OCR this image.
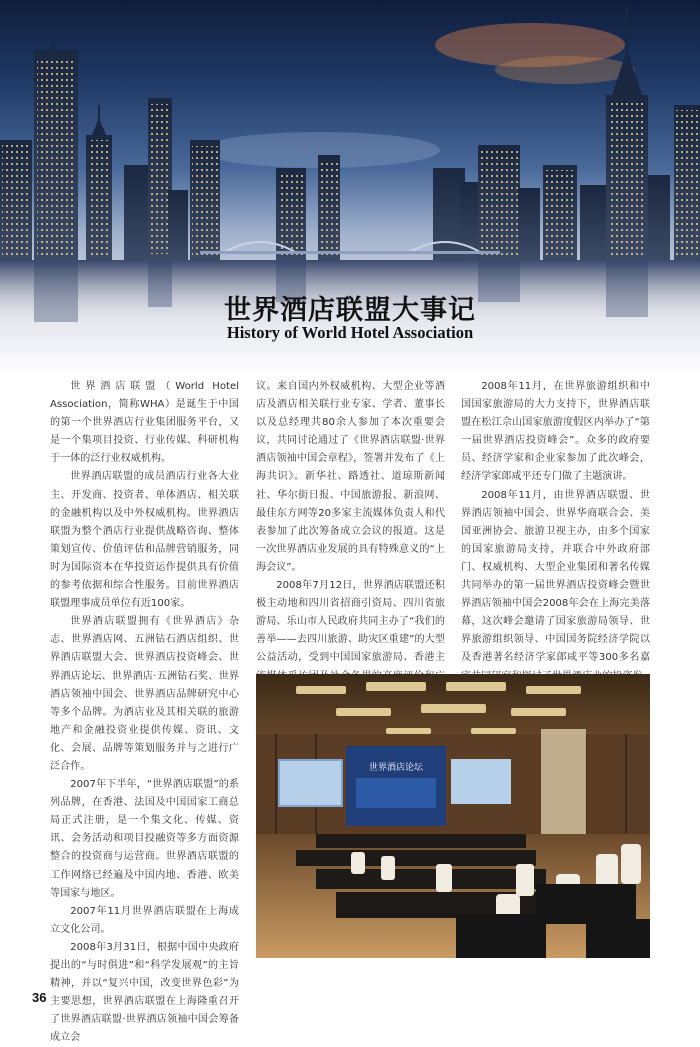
世界酒店联盟大事记
History of World Hotel Association

世界酒店联盟（World Hotel Association，简称WHA）是诞生于中国的第一个世界酒店行业集团服务平台，又是一个集项目投资、行业传媒、科研机构于一体的泛行业权威机构。

世界酒店联盟的成员酒店行业各大业主、开发商、投资者、单体酒店、相关联的金融机构以及中外权威机构。世界酒店联盟为整个酒店行业提供战略咨询、整体策划宣传、价值评估和品牌营销服务，同时为国际资本在华投资运作提供具有价值的参考依据和综合性服务。目前世界酒店联盟理事成员单位有近100家。

世界酒店联盟拥有《世界酒店》杂志、世界酒店网、五洲钻石酒店组织、世界酒店联盟大会、世界酒店投资峰会、世界酒店论坛、世界酒店·五洲钻石奖、世界酒店领袖中国会、世界酒店品牌研究中心等多个品牌。为酒店业及其相关联的旅游地产和金融投资业提供传媒、资讯、文化、会展、品牌等策划服务并与之进行广泛合作。

2007年下半年，“世界酒店联盟”的系列品牌，在香港、法国及中国国家工商总局正式注册，是一个集文化、传媒、资讯、会务活动和项目投融资等多方面资源整合的投资商与运营商。世界酒店联盟的工作网络已经遍及中国内地、香港、欧美等国家与地区。

2007年11月世界酒店联盟在上海成立文化公司。

2008年3月31日，根据中国中央政府提出的“与时俱进”和“科学发展观”的主旨精神，并以“复兴中国，改变世界色彩”为主要思想，世界酒店联盟在上海隆重召开了世界酒店联盟·世界酒店领袖中国会筹备成立会

议。来自国内外权威机构、大型企业等酒店及酒店相关联行业专家、学者、董事长以及总经理共80余人参加了本次重要会议，共同讨论通过了《世界酒店联盟·世界酒店领袖中国会章程》，签署并发布了《上海共识》。新华社、路透社、道琼斯新闻社、华尔街日报、中国旅游报、新浪网、最佳东方网等20多家主流媒体负责人和代表参加了此次筹备成立会议的报道。这是一次世界酒店业发展的具有特殊意义的“上海会议”。

2008年7月12日，世界酒店联盟还积极主动地和四川省招商引资局、四川省旅游局、乐山市人民政府共同主办了“我们的善举——去四川旅游、助灾区重建”的大型公益活动，受到中国国家旅游局、香港主

2008年11月，在世界旅游组织和中国国家旅游局的大力支持下，世界酒店联盟在松江佘山国家旅游度假区内举办了“第一届世界酒店投资峰会”。众多的政府要员、经济学家和企业家参加了此次峰会，经济学家郎咸平还专门做了主题演讲。

2008年11月，由世界酒店联盟、世界酒店领袖中国会、世界华商联合会、美国亚洲协会、旅游卫视主办，由多个国家的国家旅游局支持，并联合中外政府部门、权威机构、大型企业集团和著名传媒共同举办的第一届世界酒店投资峰会暨世界酒店领袖中国会2008年会在上海完美落幕，这次峰会邀请了国家旅游局领导、世界旅游组织领导、中国国务院经济学院以及香港著名经济学家郎咸平等300多名嘉

世界酒店论坛
36
